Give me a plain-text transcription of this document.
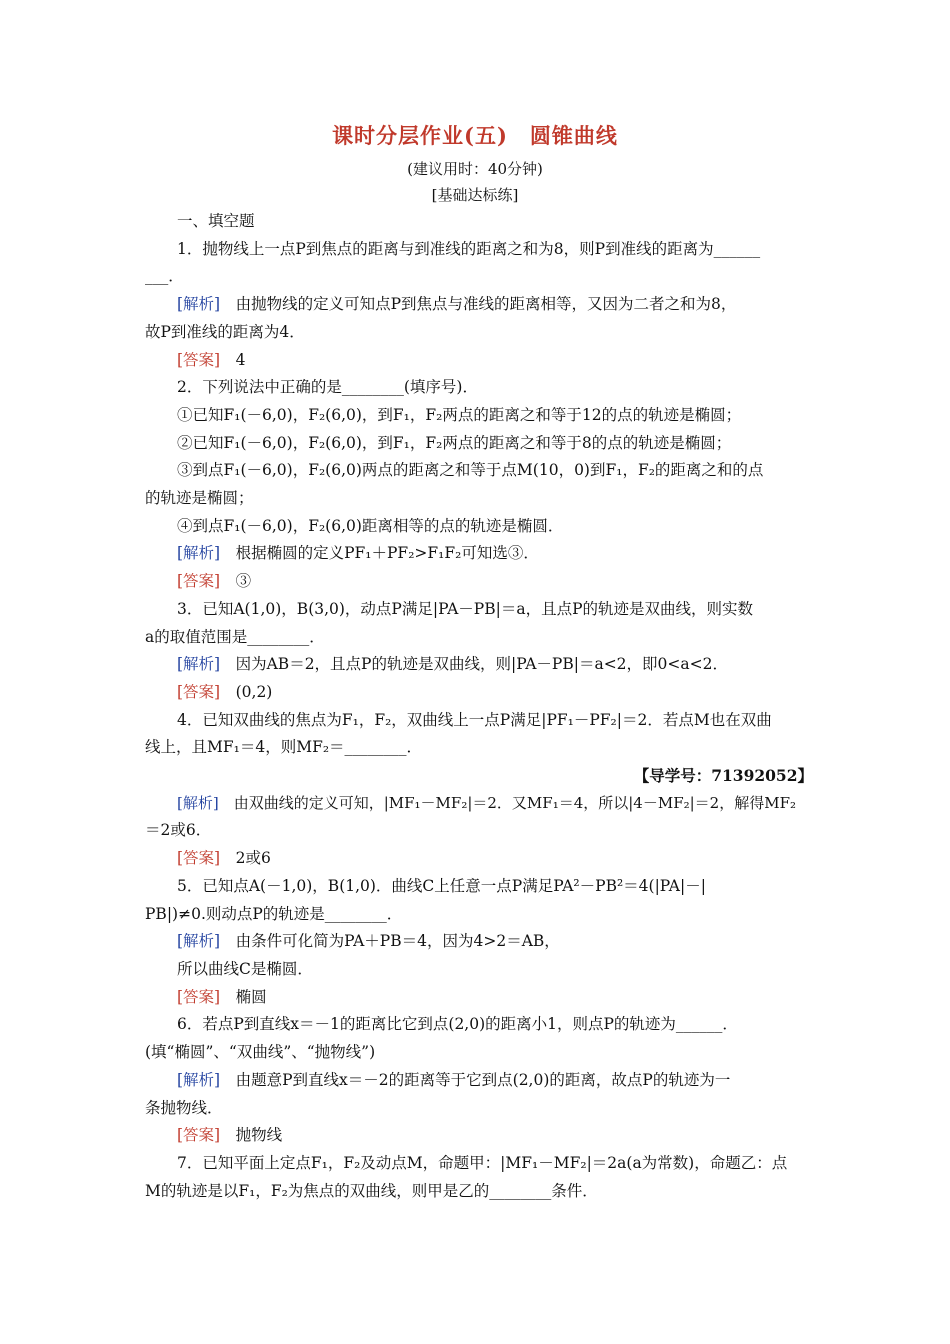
课时分层作业(五)　圆锥曲线
(建议用时：40分钟)
[基础达标练]
一、填空题
1．抛物线上一点P到焦点的距离与到准线的距离之和为8，则P到准线的距离为______
___．
[解析]　由抛物线的定义可知点P到焦点与准线的距离相等，又因为二者之和为8，
故P到准线的距离为4．
[答案]　4
2．下列说法中正确的是________(填序号)．
①已知F₁(－6,0)，F₂(6,0)，到F₁，F₂两点的距离之和等于12的点的轨迹是椭圆；
②已知F₁(－6,0)，F₂(6,0)，到F₁，F₂两点的距离之和等于8的点的轨迹是椭圆；
③到点F₁(－6,0)，F₂(6,0)两点的距离之和等于点M(10，0)到F₁，F₂的距离之和的点
的轨迹是椭圆；
④到点F₁(－6,0)，F₂(6,0)距离相等的点的轨迹是椭圆．
[解析]　根据椭圆的定义PF₁＋PF₂>F₁F₂可知选③．
[答案]　③
3．已知A(1,0)，B(3,0)，动点P满足|PA－PB|＝a，且点P的轨迹是双曲线，则实数
a的取值范围是________．
[解析]　因为AB＝2，且点P的轨迹是双曲线，则|PA－PB|＝a<2，即0<a<2．
[答案]　(0,2)
4．已知双曲线的焦点为F₁，F₂，双曲线上一点P满足|PF₁－PF₂|＝2．若点M也在双曲
线上，且MF₁＝4，则MF₂＝________．
【导学号：71392052】
[解析]　由双曲线的定义可知，|MF₁－MF₂|＝2．又MF₁＝4，所以|4－MF₂|＝2，解得MF₂
＝2或6．
[答案]　2或6
5．已知点A(－1,0)，B(1,0)．曲线C上任意一点P满足PA²－PB²＝4(|PA|－|
PB|)≠0.则动点P的轨迹是________．
[解析]　由条件可化简为PA＋PB＝4，因为4>2＝AB，
所以曲线C是椭圆．
[答案]　椭圆
6．若点P到直线x＝－1的距离比它到点(2,0)的距离小1，则点P的轨迹为______．
(填“椭圆”、“双曲线”、“抛物线”)
[解析]　由题意P到直线x＝－2的距离等于它到点(2,0)的距离，故点P的轨迹为一
条抛物线．
[答案]　抛物线
7．已知平面上定点F₁，F₂及动点M，命题甲：|MF₁－MF₂|＝2a(a为常数)，命题乙：点
M的轨迹是以F₁，F₂为焦点的双曲线，则甲是乙的________条件．
